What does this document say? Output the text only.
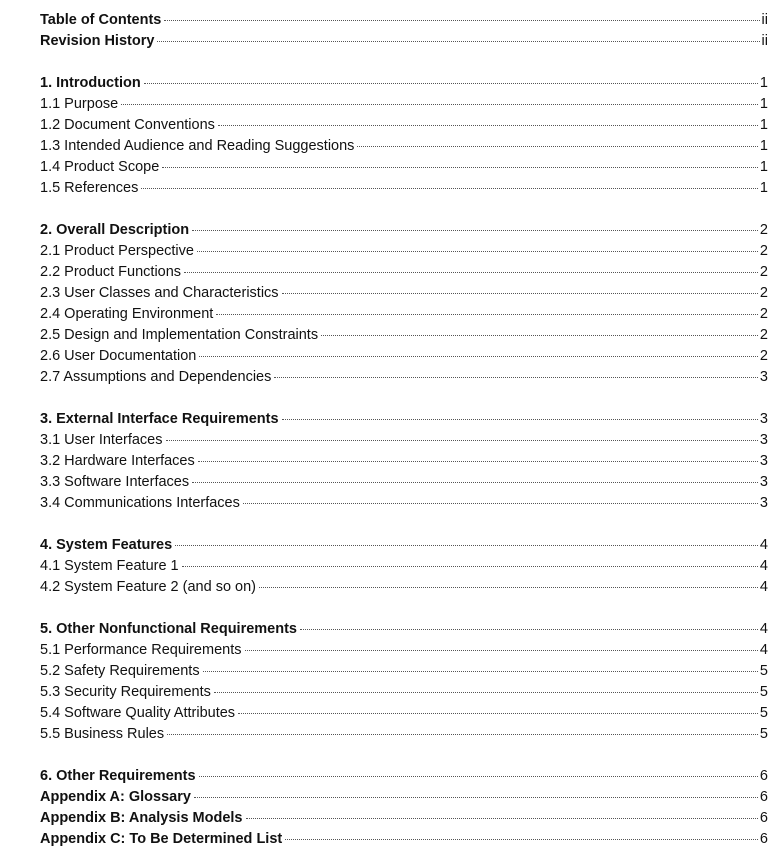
Table of Contents	ii
Revision History	ii
1. Introduction	1
1.1 Purpose	1
1.2 Document Conventions	1
1.3 Intended Audience and Reading Suggestions	1
1.4 Product Scope	1
1.5 References	1
2. Overall Description	2
2.1 Product Perspective	2
2.2 Product Functions	2
2.3 User Classes and Characteristics	2
2.4 Operating Environment	2
2.5 Design and Implementation Constraints	2
2.6 User Documentation	2
2.7 Assumptions and Dependencies	3
3. External Interface Requirements	3
3.1 User Interfaces	3
3.2 Hardware Interfaces	3
3.3 Software Interfaces	3
3.4 Communications Interfaces	3
4. System Features	4
4.1 System Feature 1	4
4.2 System Feature 2 (and so on)	4
5. Other Nonfunctional Requirements	4
5.1 Performance Requirements	4
5.2 Safety Requirements	5
5.3 Security Requirements	5
5.4 Software Quality Attributes	5
5.5 Business Rules	5
6. Other Requirements	6
Appendix A: Glossary	6
Appendix B: Analysis Models	6
Appendix C: To Be Determined List	6
